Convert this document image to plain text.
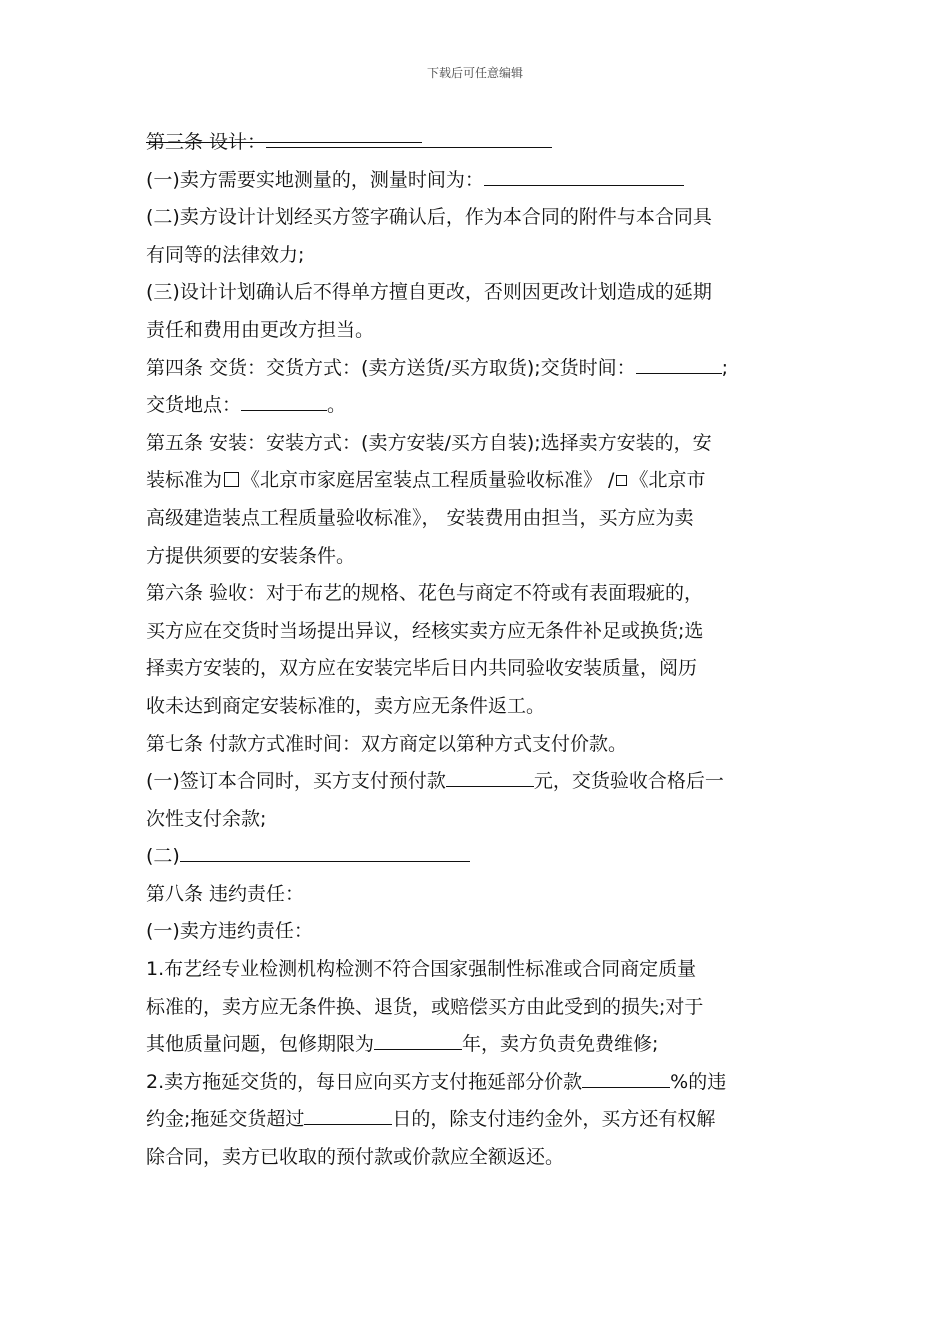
下载后可任意编辑

第三条 设计：

(一)卖方需要实地测量的，测量时间为：

(二)卖方设计计划经买方签字确认后，作为本合同的附件与本合同具

有同等的法律效力;

(三)设计计划确认后不得单方擅自更改，否则因更改计划造成的延期

责任和费用由更改方担当。

第四条 交货：交货方式：(卖方送货/买方取货);交货时间：	;

交货地点：	。

第五条 安装：安装方式：(卖方安装/买方自装);选择卖方安装的，安

装标准为 《北京市家庭居室装点工程质量验收标准》 / 《北京市

高级建造装点工程质量验收标准》， 安装费用由担当，买方应为卖

方提供须要的安装条件。

第六条 验收：对于布艺的规格、花色与商定不符或有表面瑕疵的，

买方应在交货时当场提出异议，经核实卖方应无条件补足或换货;选

择卖方安装的，双方应在安装完毕后日内共同验收安装质量，阅历

收未达到商定安装标准的，卖方应无条件返工。

第七条 付款方式准时间：双方商定以第种方式支付价款。

(一)签订本合同时，买方支付预付款	元，交货验收合格后一

次性支付余款;

(二)

第八条 违约责任：

(一)卖方违约责任：

1.布艺经专业检测机构检测不符合国家强制性标准或合同商定质量

标准的，卖方应无条件换、退货，或赔偿买方由此受到的损失;对于

其他质量问题，包修期限为	年，卖方负责免费维修;

2.卖方拖延交货的，每日应向买方支付拖延部分价款	%的违

约金;拖延交货超过	日的，除支付违约金外，买方还有权解

除合同，卖方已收取的预付款或价款应全额返还。
